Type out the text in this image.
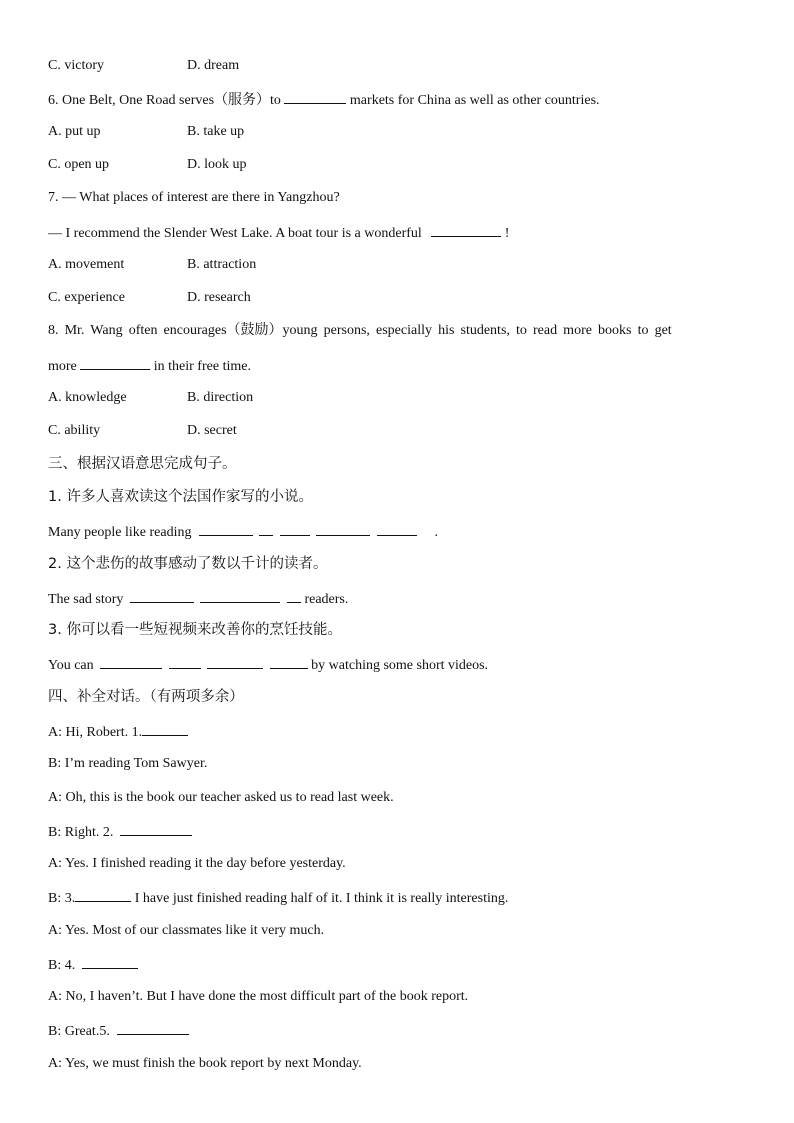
C. victory	D. dream
6. One Belt, One Road serves（服务）to	markets for China as well as other countries.
A. put up	B. take up
C. open up	D. look up
7. — What places of interest are there in Yangzhou?
— I recommend the Slender West Lake. A boat tour is a wonderful	!
A. movement	B. attraction
C. experience	D. research
8. Mr. Wang often encourages（鼓励）young persons, especially his students, to read more books to get
more	in their free time.
A. knowledge	B. direction
C. ability	D. secret
三、根据汉语意思完成句子。
1. 许多人喜欢读这个法国作家写的小说。
Many people like reading	.
2. 这个悲伤的故事感动了数以千计的读者。
The sad story	readers.
3. 你可以看一些短视频来改善你的烹饪技能。
You can	by watching some short videos.
四、补全对话。（有两项多余）
A: Hi, Robert. 1.
B: I’m reading Tom Sawyer.
A: Oh, this is the book our teacher asked us to read last week.
B: Right. 2.
A: Yes. I finished reading it the day before yesterday.
B: 3.	I have just finished reading half of it. I think it is really interesting.
A: Yes. Most of our classmates like it very much.
B: 4.
A: No, I haven’t. But I have done the most difficult part of the book report.
B: Great.5.
A: Yes, we must finish the book report by next Monday.
